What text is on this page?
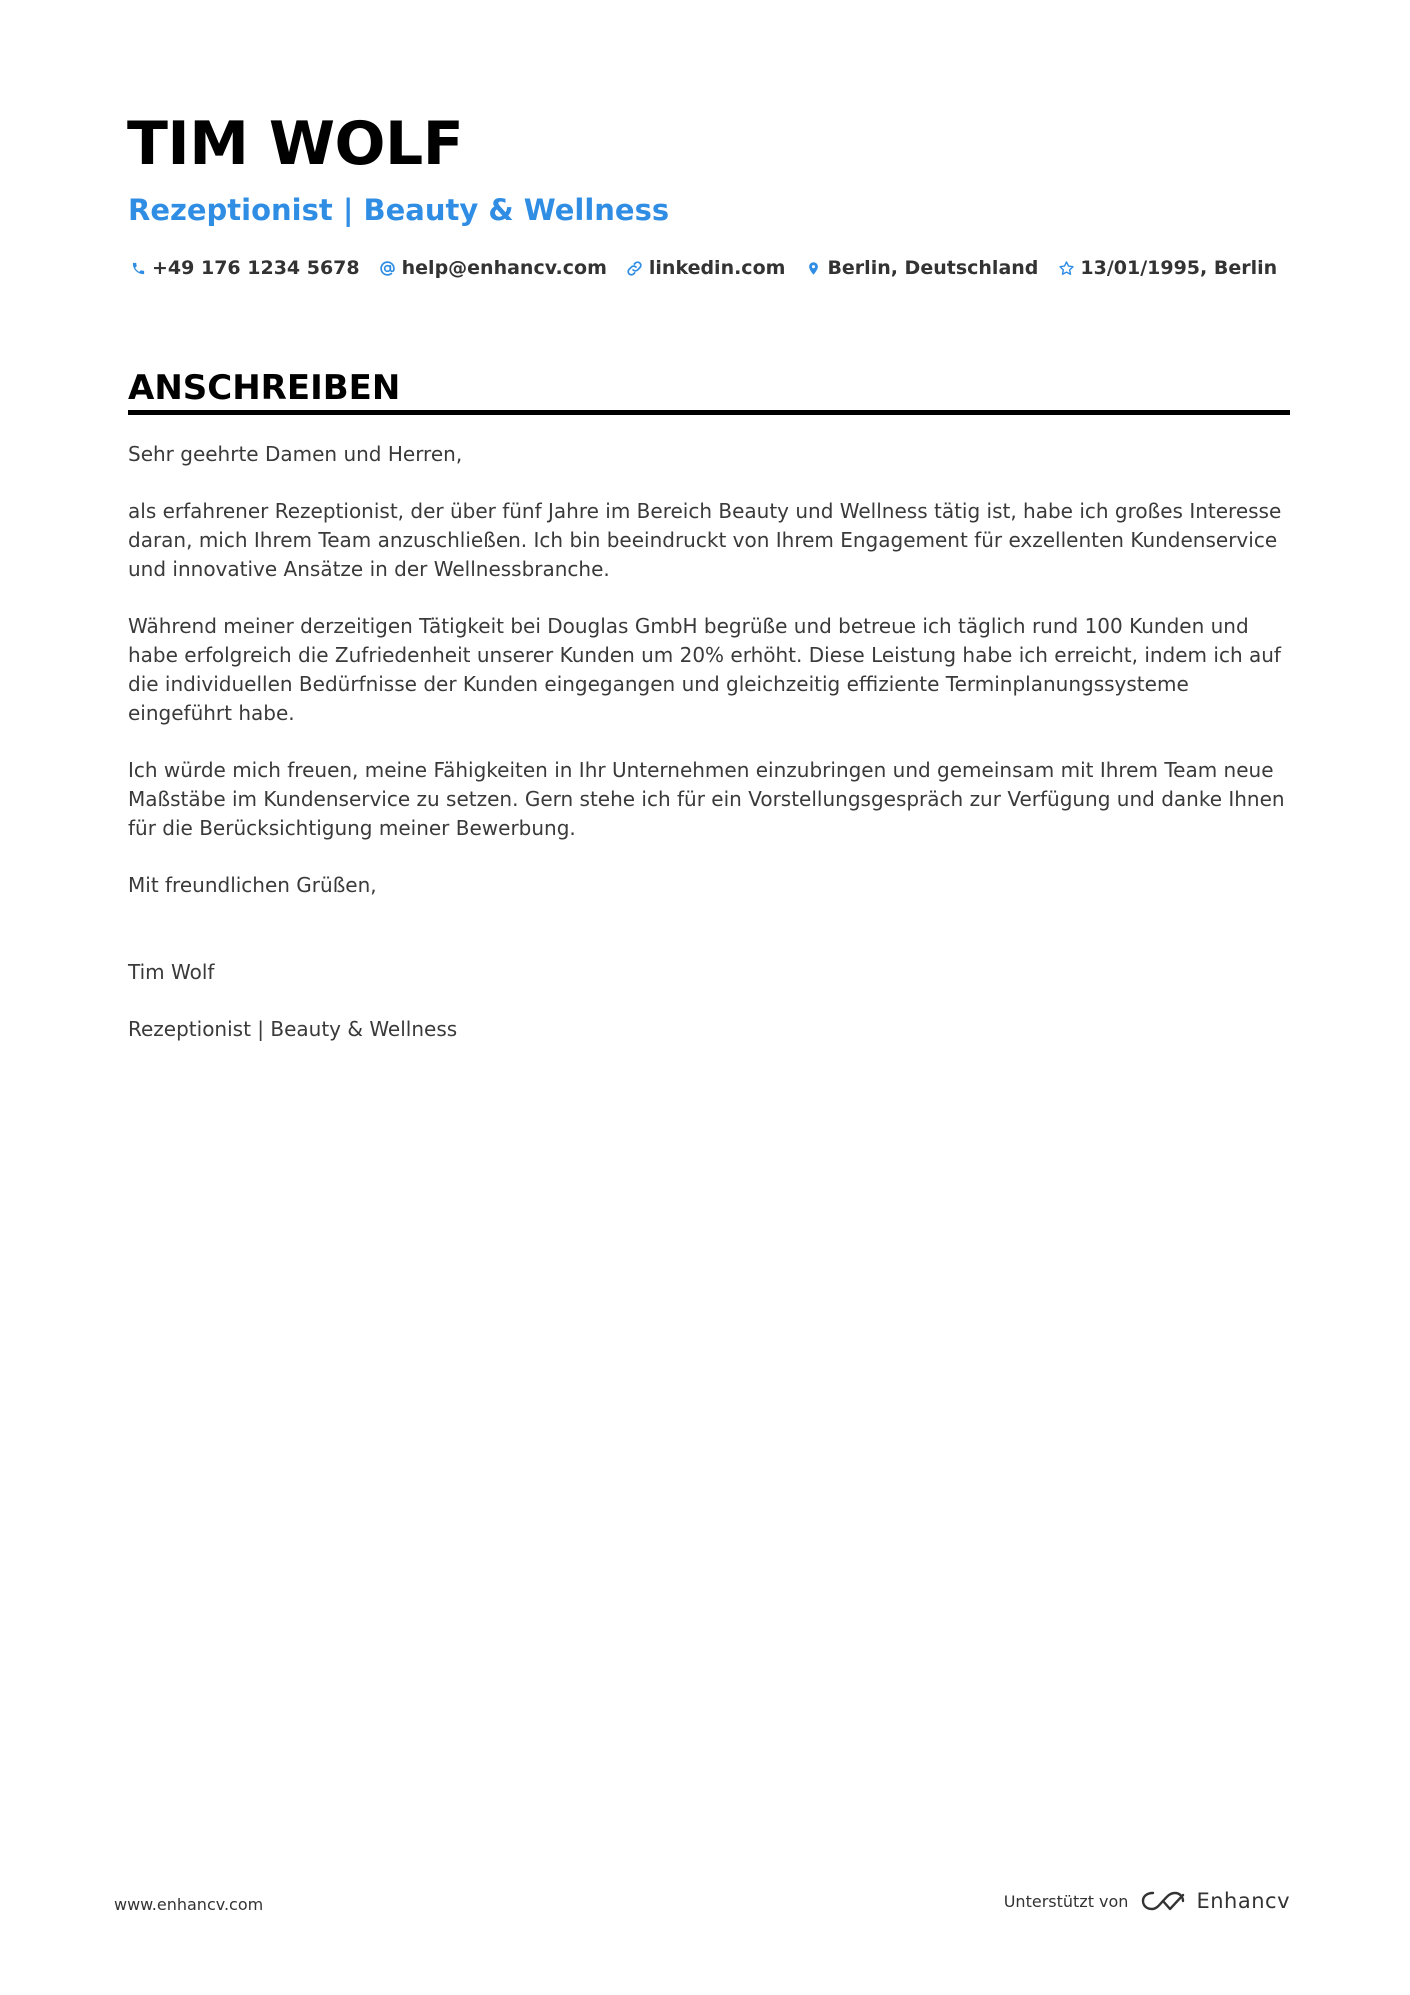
TIM WOLF
Rezeptionist | Beauty & Wellness
+49 176 1234 5678 help@enhancv.com linkedin.com Berlin, Deutschland 13/01/1995, Berlin
ANSCHREIBEN

Sehr geehrte Damen und Herren,

als erfahrener Rezeptionist, der über fünf Jahre im Bereich Beauty und Wellness tätig ist, habe ich großes Interesse daran, mich Ihrem Team anzuschließen. Ich bin beeindruckt von Ihrem Engagement für exzellenten Kundenservice und innovative Ansätze in der Wellnessbranche.

Während meiner derzeitigen Tätigkeit bei Douglas GmbH begrüße und betreue ich täglich rund 100 Kunden und habe erfolgreich die Zufriedenheit unserer Kunden um 20% erhöht. Diese Leistung habe ich erreicht, indem ich auf die individuellen Bedürfnisse der Kunden eingegangen und gleichzeitig effiziente Terminplanungssysteme eingeführt habe.

Ich würde mich freuen, meine Fähigkeiten in Ihr Unternehmen einzubringen und gemeinsam mit Ihrem Team neue Maßstäbe im Kundenservice zu setzen. Gern stehe ich für ein Vorstellungsgespräch zur Verfügung und danke Ihnen für die Berücksichtigung meiner Bewerbung.

Mit freundlichen Grüßen,

Tim Wolf

Rezeptionist | Beauty & Wellness

www.enhancv.com	Unterstützt von	Enhancv
